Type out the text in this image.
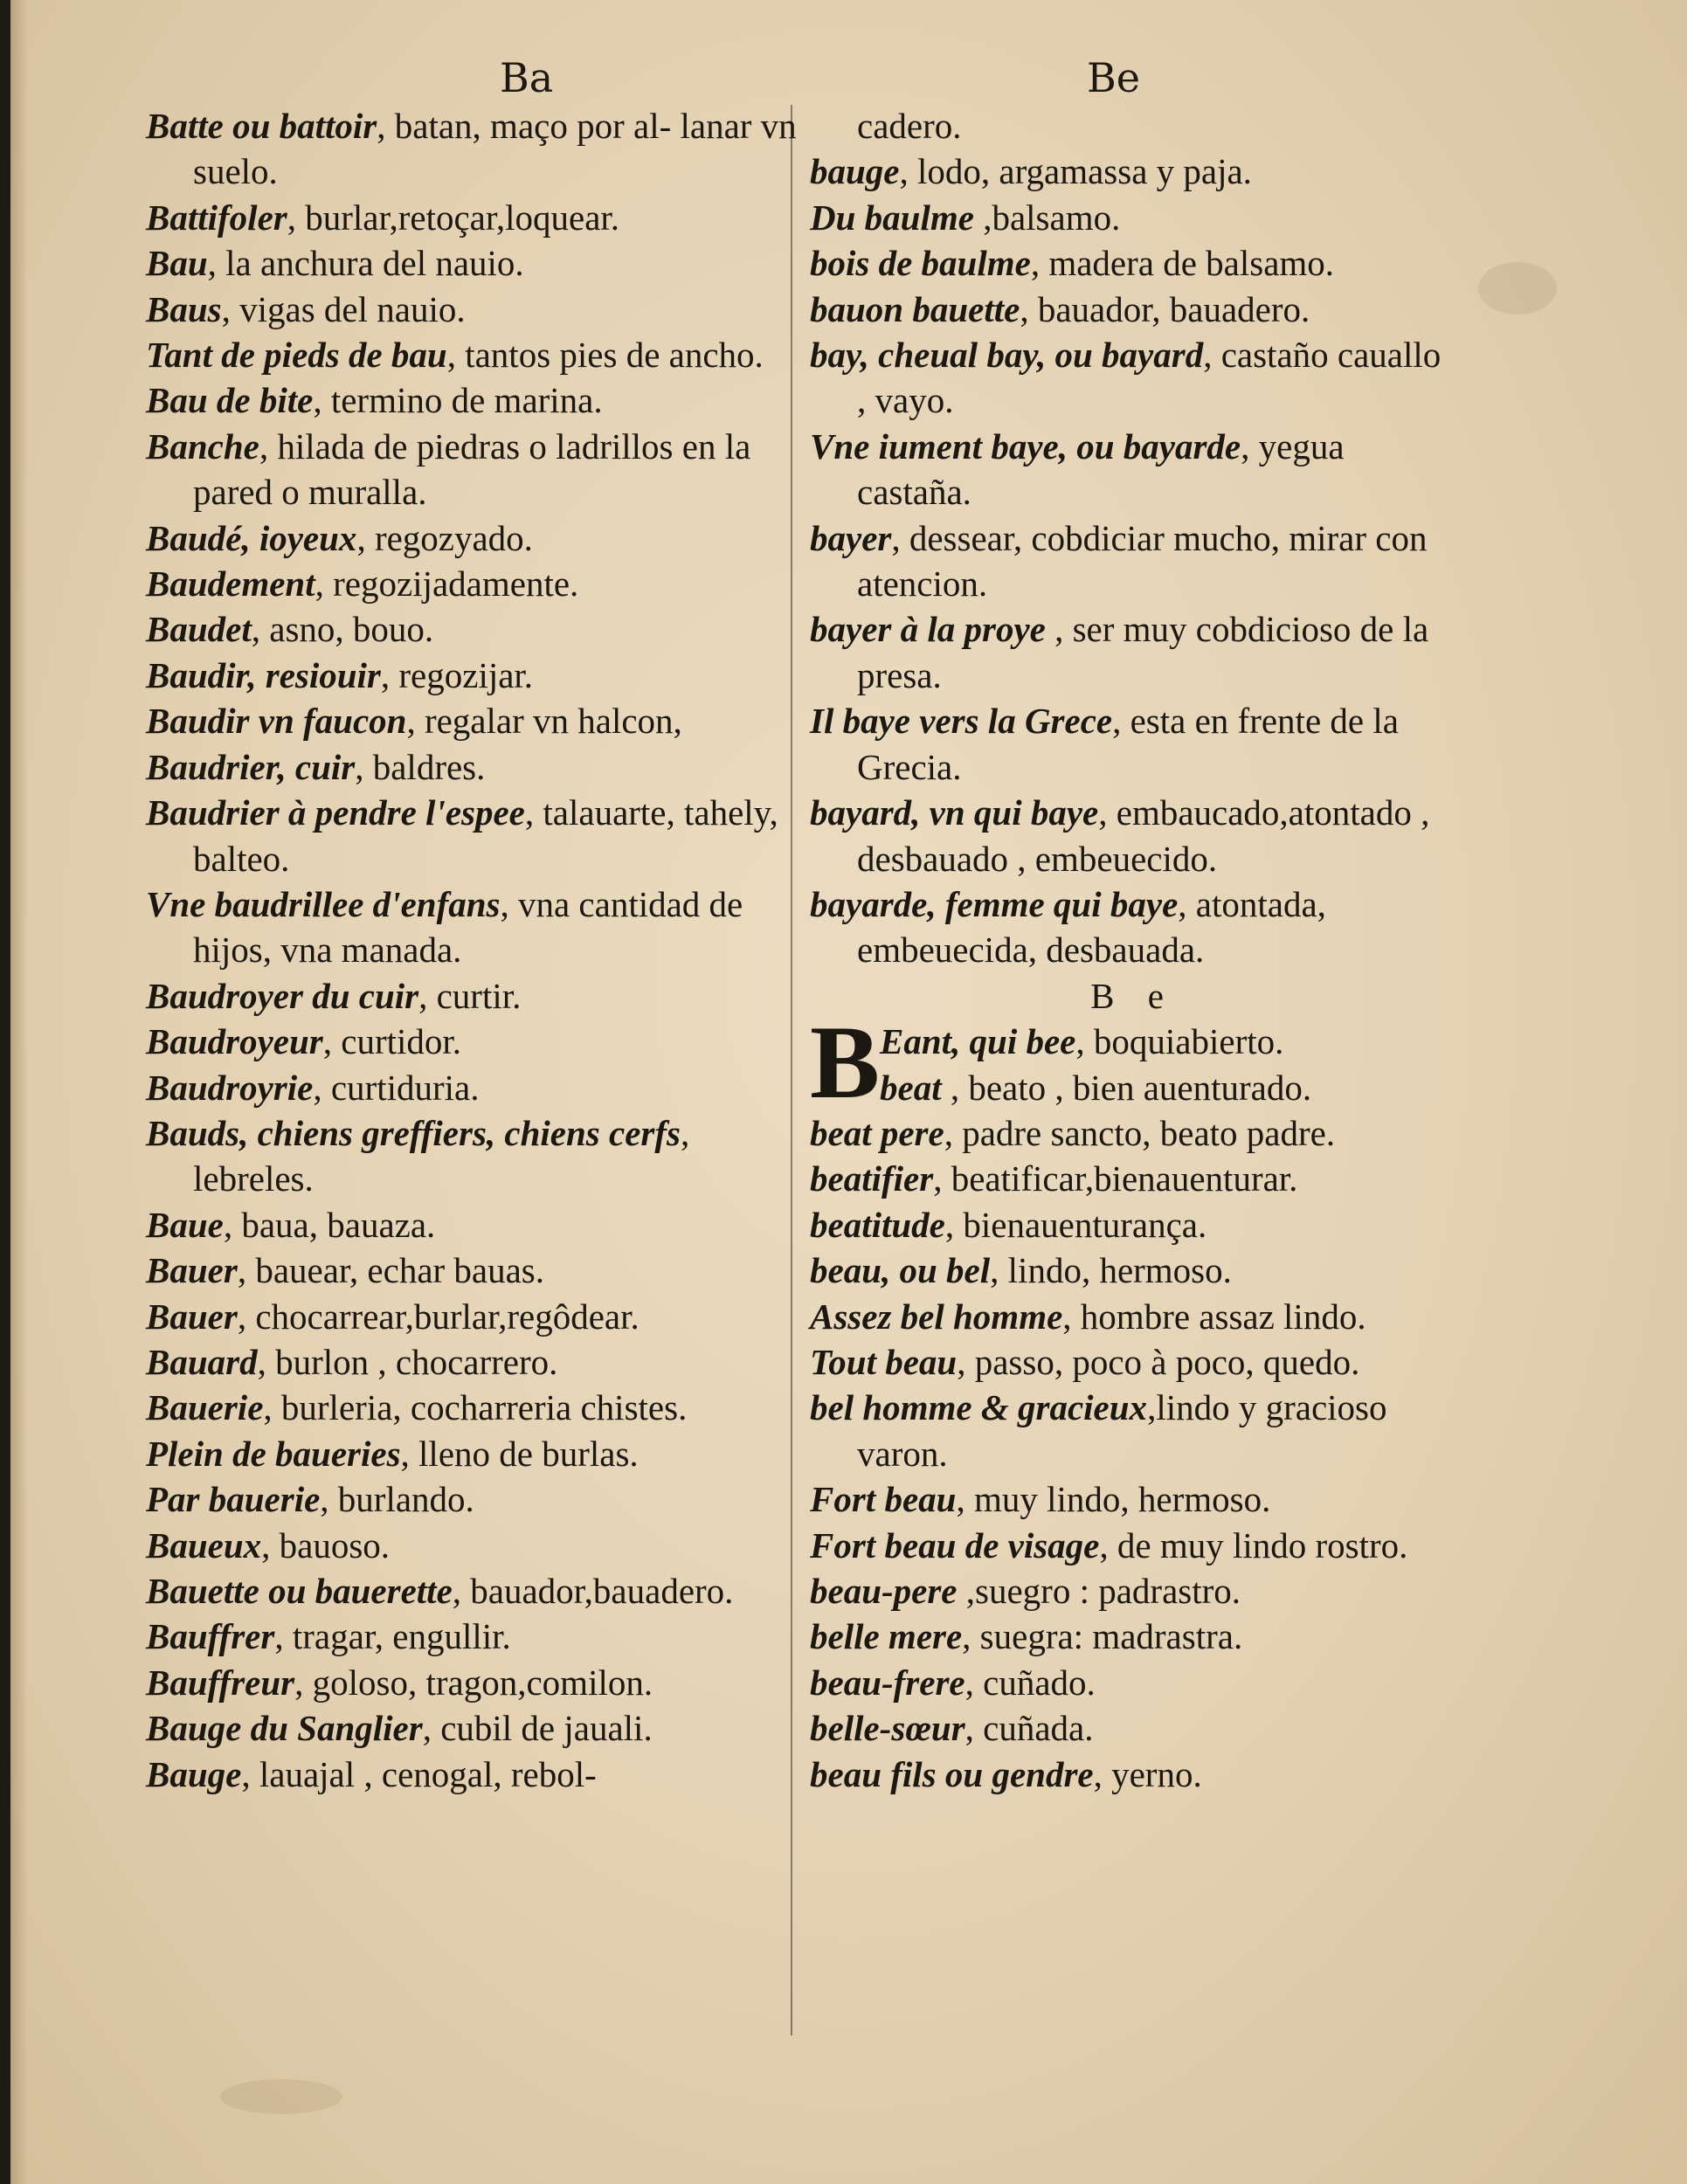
Ba	Be

Batte ou battoir, batan, maço por al- lanar vn suelo.

Battifoler, burlar,retoçar,loquear.

Bau, la anchura del nauio.

Baus, vigas del nauio.

Tant de pieds de bau, tantos pies de ancho.

Bau de bite, termino de marina.

Banche, hilada de piedras o ladrillos en la pared o muralla.

Baudé, ioyeux, regozyado.

Baudement, regozijadamente.

Baudet, asno, bouo.

Baudir, resiouir, regozijar.

Baudir vn faucon, regalar vn halcon,

Baudrier, cuir, baldres.

Baudrier à pendre l'espee, talauarte, tahely, balteo.

Vne baudrillee d'enfans, vna cantidad de hijos, vna manada.

Baudroyer du cuir, curtir.

Baudroyeur, curtidor.

Baudroyrie, curtiduria.

Bauds, chiens greffiers, chiens cerfs, lebreles.

Baue, baua, bauaza.

Bauer, bauear, echar bauas.

Bauer, chocarrear,burlar,regôdear.

Bauard, burlon , chocarrero.

Bauerie, burleria, cocharreria chistes.

Plein de baueries, lleno de burlas.

Par bauerie, burlando.

Baueux, bauoso.

Bauette ou bauerette, bauador,bauadero.

Bauffrer, tragar, engullir.

Bauffreur, goloso, tragon,comilon.

Bauge du Sanglier, cubil de jauali.

Bauge, lauajal , cenogal, rebol-

cadero.

bauge, lodo, argamassa y paja.

Du baulme ,balsamo.

bois de baulme, madera de balsamo.

bauon bauette, bauador, bauadero.

bay, cheual bay, ou bayard, castaño cauallo , vayo.

Vne iument baye, ou bayarde, yegua castaña.

bayer, dessear, cobdiciar mucho, mirar con atencion.

bayer à la proye , ser muy cobdicioso de la presa.

Il baye vers la Grece, esta en frente de la Grecia.

bayard, vn qui baye, embaucado,atontado , desbauado , embeuecido.

bayarde, femme qui baye, atontada, embeuecida, desbauada.

B e

B Eant, qui bee, boquiabierto.
beat , beato , bien auenturado.

beat pere, padre sancto, beato padre.

beatifier, beatificar,bienauenturar.

beatitude, bienauenturança.

beau, ou bel, lindo, hermoso.

Assez bel homme, hombre assaz lindo.

Tout beau, passo, poco à poco, quedo.

bel homme & gracieux,lindo y gracioso varon.

Fort beau, muy lindo, hermoso.

Fort beau de visage, de muy lindo rostro.

beau-pere ,suegro : padrastro.

belle mere, suegra: madrastra.

beau-frere, cuñado.

belle-sœur, cuñada.

beau fils ou gendre, yerno.
